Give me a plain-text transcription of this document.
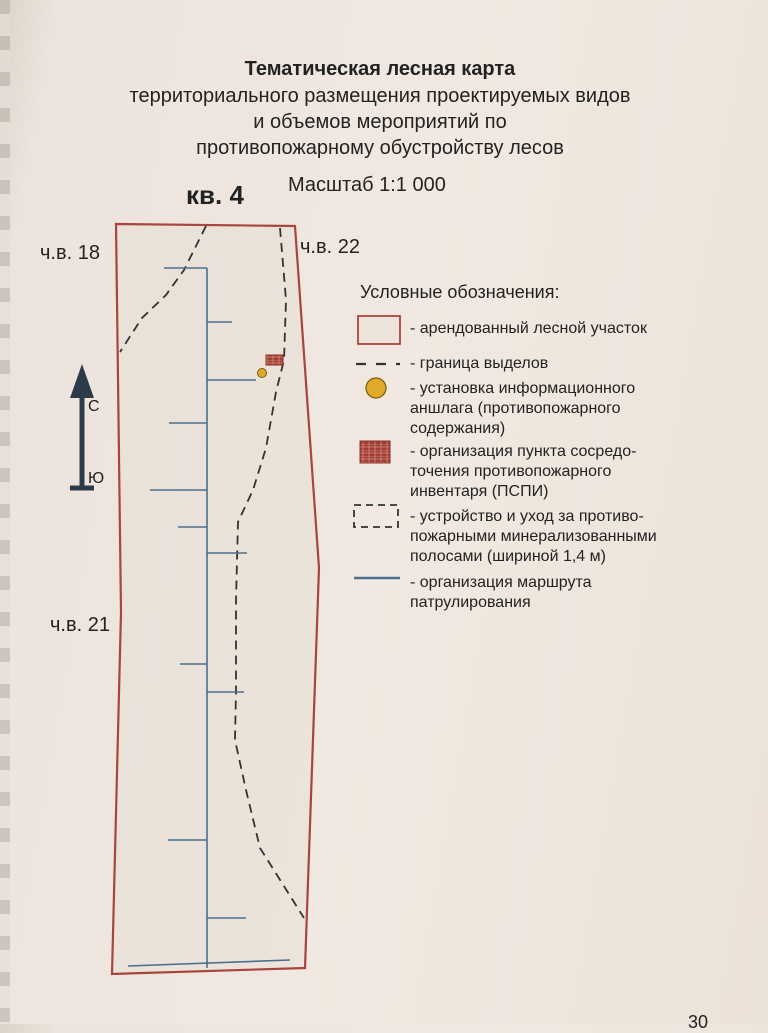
Тематическая лесная карта
территориального размещения проектируемых видов
и объемов мероприятий по
противопожарному обустройству лесов
кв. 4 Масштаб 1:1 000
ч.в. 18	ч.в. 22
ч.в. 21
С
Ю
Условные обозначения:
- арендованный лесной участок
- граница выделов
- установка информационного аншлага (противопожарного содержания)
- организация пункта сосредо-точения противопожарного инвентаря (ПСПИ)
- устройство и уход за противо-пожарными минерализованными полосами (шириной 1,4 м)
- организация маршрута патрулирования
30
